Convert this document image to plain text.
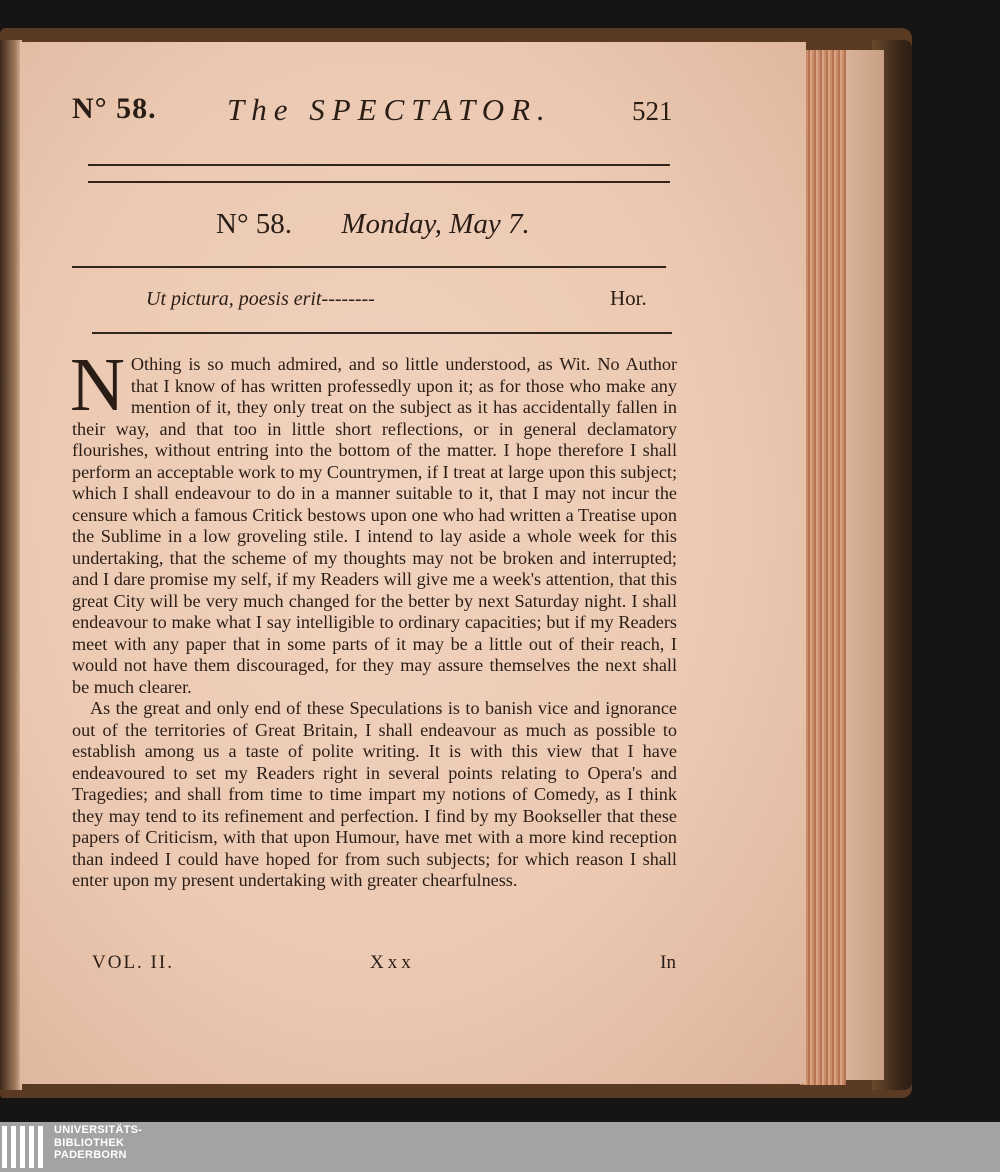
N° 58. The SPECTATOR.	521
N° 58. Monday, May 7.
Ut pictura, poesis erit--------	Hor.

N Othing is so much admired, and so little understood, as Wit. No Author that I know of has written professedly upon it; as for those who make any mention of it, they only treat on the subject as it has accidentally fallen in their way, and that too in little short reflections, or in general declamatory flourishes, without entring into the bottom of the matter. I hope therefore I shall perform an acceptable work to my Countrymen, if I treat at large upon this subject; which I shall endeavour to do in a manner suitable to it, that I may not incur the censure which a famous Critick bestows upon one who had written a Treatise upon the Sublime in a low groveling stile. I intend to lay aside a whole week for this undertaking, that the scheme of my thoughts may not be broken and interrupted; and I dare promise my self, if my Readers will give me a week's attention, that this great City will be very much changed for the better by next Saturday night. I shall endeavour to make what I say intelligible to ordinary capacities; but if my Readers meet with any paper that in some parts of it may be a little out of their reach, I would not have them discouraged, for they may assure themselves the next shall be much clearer.

As the great and only end of these Speculations is to banish vice and ignorance out of the territories of Great Britain, I shall endeavour as much as possible to establish among us a taste of polite writing. It is with this view that I have endeavoured to set my Readers right in several points relating to Opera's and Tragedies; and shall from time to time impart my notions of Comedy, as I think they may tend to its refinement and perfection. I find by my Bookseller that these papers of Criticism, with that upon Humour, have met with a more kind reception than indeed I could have hoped for from such subjects; for which reason I shall enter upon my present undertaking with greater chearfulness.

VOL. II.	Xxx	In
UNIVERSITÄTS-
BIBLIOTHEK
PADERBORN
